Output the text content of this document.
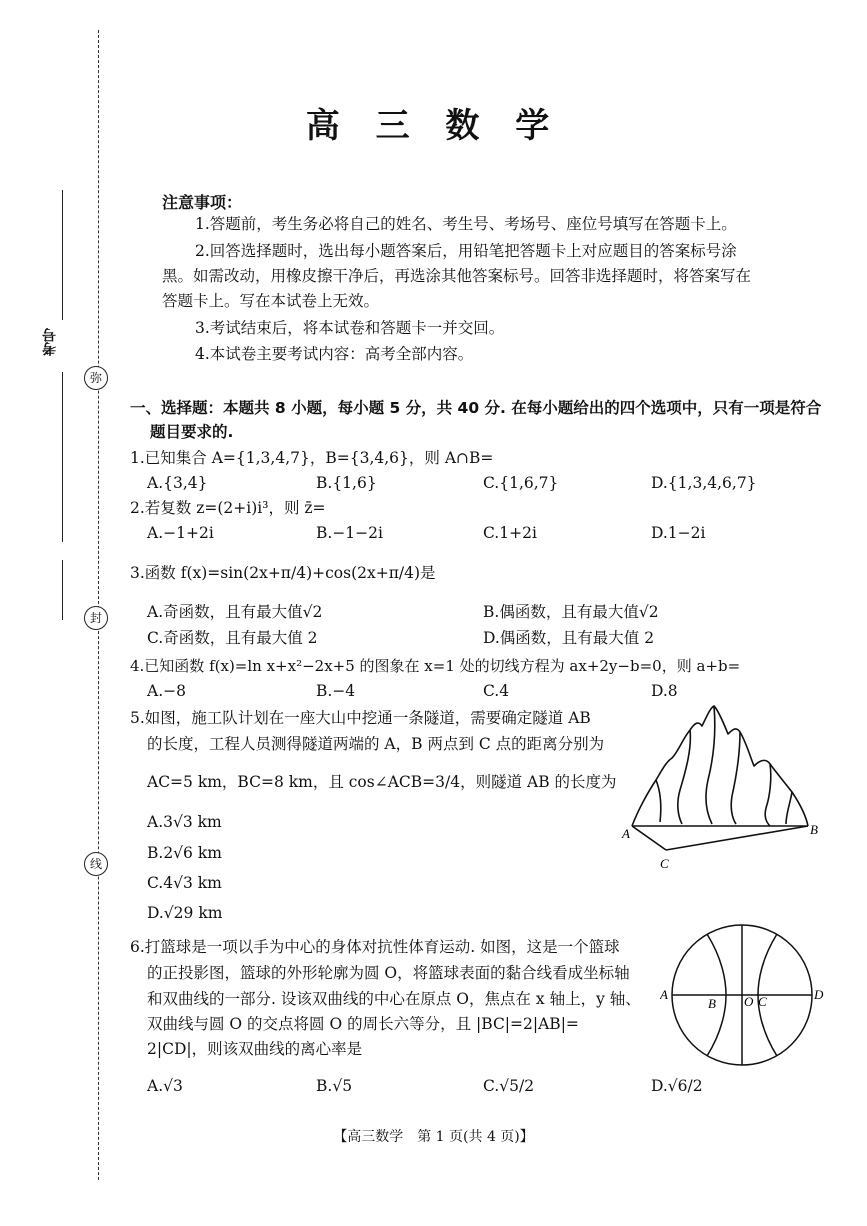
考号
弥
封
线
高 三 数 学
注意事项：
1.答题前，考生务必将自己的姓名、考生号、考场号、座位号填写在答题卡上。
2.回答选择题时，选出每小题答案后，用铅笔把答题卡上对应题目的答案标号涂
黑。如需改动，用橡皮擦干净后，再选涂其他答案标号。回答非选择题时，将答案写在
答题卡上。写在本试卷上无效。
3.考试结束后，将本试卷和答题卡一并交回。
4.本试卷主要考试内容：高考全部内容。
一、选择题：本题共 8 小题，每小题 5 分，共 40 分. 在每小题给出的四个选项中，只有一项是符合
题目要求的.
1.已知集合 A={1,3,4,7}，B={3,4,6}，则 A∩B=
A.{3,4}	B.{1,6}	C.{1,6,7}	D.{1,3,4,6,7}
2.若复数 z=(2+i)i³，则 z̄=
A.−1+2i	B.−1−2i	C.1+2i	D.1−2i
3.函数 f(x)=sin(2x+π/4)+cos(2x+π/4)是
A.奇函数，且有最大值√2	B.偶函数，且有最大值√2
C.奇函数，且有最大值 2	D.偶函数，且有最大值 2
4.已知函数 f(x)=ln x+x²−2x+5 的图象在 x=1 处的切线方程为 ax+2y−b=0，则 a+b=
A.−8	B.−4	C.4	D.8
5.如图，施工队计划在一座大山中挖通一条隧道，需要确定隧道 AB
的长度，工程人员测得隧道两端的 A，B 两点到 C 点的距离分别为
AC=5 km，BC=8 km，且 cos∠ACB=3/4，则隧道 AB 的长度为
A.3√3 km
B.2√6 km
C.4√3 km
D.√29 km
A	B
C
6.打篮球是一项以手为中心的身体对抗性体育运动. 如图，这是一个篮球
的正投影图，篮球的外形轮廓为圆 O，将篮球表面的黏合线看成坐标轴
和双曲线的一部分. 设该双曲线的中心在原点 O，焦点在 x 轴上，y 轴、
双曲线与圆 O 的交点将圆 O 的周长六等分，且 |BC|=2|AB|=
2|CD|，则该双曲线的离心率是
A.√3	B.√5	C.√5/2	D.√6/2
A
B O C	D
【高三数学　第 1 页(共 4 页)】
